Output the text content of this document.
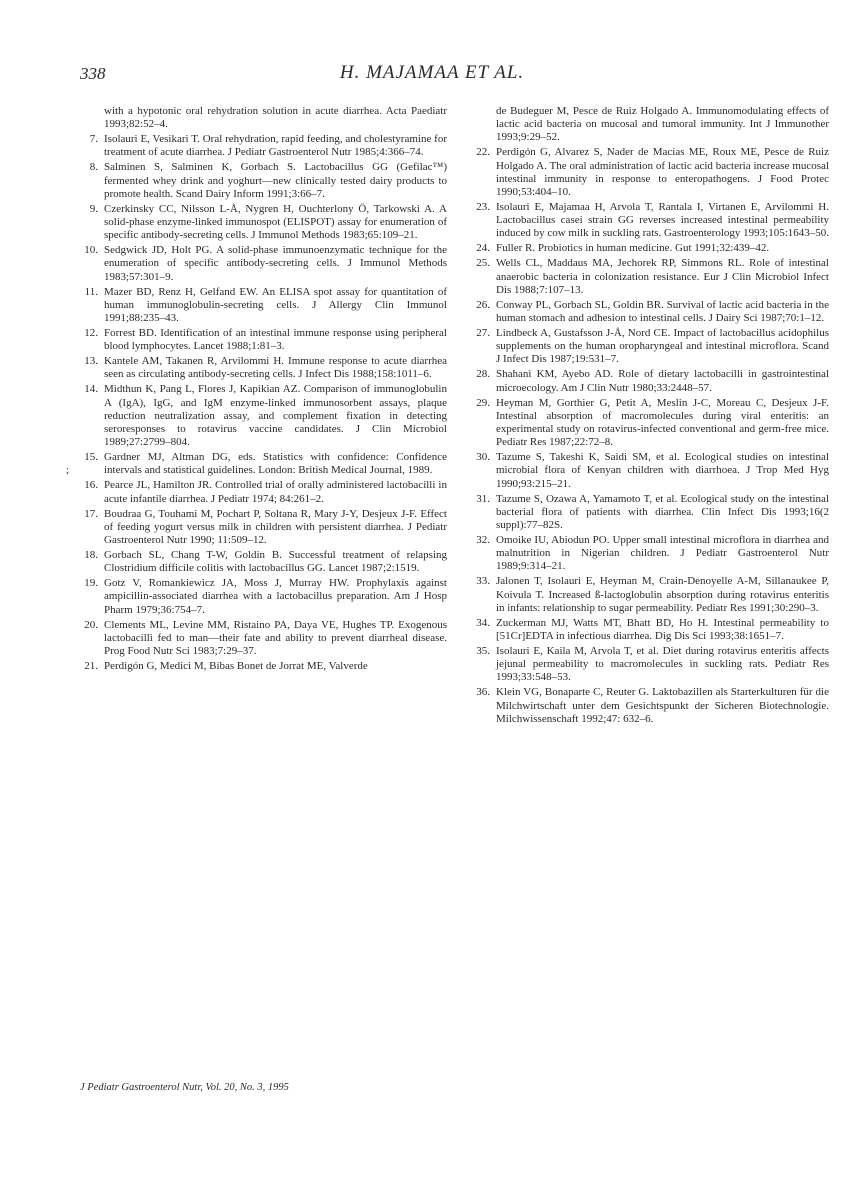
338	H. MAJAMAA ET AL.
with a hypotonic oral rehydration solution in acute diarrhea. Acta Paediatr 1993;82:52–4.
7. Isolauri E, Vesikari T. Oral rehydration, rapid feeding, and cholestyramine for treatment of acute diarrhea. J Pediatr Gastroenterol Nutr 1985;4:366–74.
8. Salminen S, Salminen K, Gorbach S. Lactobacillus GG (Gefilac™) fermented whey drink and yoghurt—new clinically tested dairy products to promote health. Scand Dairy Inform 1991;3:66–7.
9. Czerkinsky CC, Nilsson L-Å, Nygren H, Ouchterlony Ö, Tarkowski A. A solid-phase enzyme-linked immunospot (ELISPOT) assay for enumeration of specific antibody-secreting cells. J Immunol Methods 1983;65:109–21.
10. Sedgwick JD, Holt PG. A solid-phase immunoenzymatic technique for the enumeration of specific antibody-secreting cells. J Immunol Methods 1983;57:301–9.
11. Mazer BD, Renz H, Gelfand EW. An ELISA spot assay for quantitation of human immunoglobulin-secreting cells. J Allergy Clin Immunol 1991;88:235–43.
12. Forrest BD. Identification of an intestinal immune response using peripheral blood lymphocytes. Lancet 1988;1:81–3.
13. Kantele AM, Takanen R, Arvilommi H. Immune response to acute diarrhea seen as circulating antibody-secreting cells. J Infect Dis 1988;158:1011–6.
14. Midthun K, Pang L, Flores J, Kapikian AZ. Comparison of immunoglobulin A (IgA), IgG, and IgM enzyme-linked immunosorbent assays, plaque reduction neutralization assay, and complement fixation in detecting seroresponses to rotavirus vaccine candidates. J Clin Microbiol 1989;27:2799–804.
15. Gardner MJ, Altman DG, eds. Statistics with confidence: Confidence intervals and statistical guidelines. London: British Medical Journal, 1989.
;
16. Pearce JL, Hamilton JR. Controlled trial of orally administered lactobacilli in acute infantile diarrhea. J Pediatr 1974; 84:261–2.
17. Boudraa G, Touhami M, Pochart P, Soltana R, Mary J-Y, Desjeux J-F. Effect of feeding yogurt versus milk in children with persistent diarrhea. J Pediatr Gastroenterol Nutr 1990; 11:509–12.
18. Gorbach SL, Chang T-W, Goldin B. Successful treatment of relapsing Clostridium difficile colitis with lactobacillus GG. Lancet 1987;2:1519.
19. Gotz V, Romankiewicz JA, Moss J, Murray HW. Prophylaxis against ampicillin-associated diarrhea with a lactobacillus preparation. Am J Hosp Pharm 1979;36:754–7.
20. Clements ML, Levine MM, Ristaino PA, Daya VE, Hughes TP. Exogenous lactobacilli fed to man—their fate and ability to prevent diarrheal disease. Prog Food Nutr Sci 1983;7:29–37.
21. Perdigón G, Medici M, Bibas Bonet de Jorrat ME, Valverde
de Budeguer M, Pesce de Ruiz Holgado A. Immunomodulating effects of lactic acid bacteria on mucosal and tumoral immunity. Int J Immunother 1993;9:29–52.
22. Perdigón G, Alvarez S, Nader de Macías ME, Roux ME, Pesce de Ruiz Holgado A. The oral administration of lactic acid bacteria increase mucosal intestinal immunity in response to enteropathogens. J Food Protec 1990;53:404–10.
23. Isolauri E, Majamaa H, Arvola T, Rantala I, Virtanen E, Arvilommi H. Lactobacillus casei strain GG reverses increased intestinal permeability induced by cow milk in suckling rats. Gastroenterology 1993;105:1643–50.
24. Fuller R. Probiotics in human medicine. Gut 1991;32:439–42.
25. Wells CL, Maddaus MA, Jechorek RP, Simmons RL. Role of intestinal anaerobic bacteria in colonization resistance. Eur J Clin Microbiol Infect Dis 1988;7:107–13.
26. Conway PL, Gorbach SL, Goldin BR. Survival of lactic acid bacteria in the human stomach and adhesion to intestinal cells. J Dairy Sci 1987;70:1–12.
27. Lindbeck A, Gustafsson J-Å, Nord CE. Impact of lactobacillus acidophilus supplements on the human oropharyngeal and intestinal microflora. Scand J Infect Dis 1987;19:531–7.
28. Shahani KM, Ayebo AD. Role of dietary lactobacilli in gastrointestinal microecology. Am J Clin Nutr 1980;33:2448–57.
29. Heyman M, Gorthier G, Petit A, Meslin J-C, Moreau C, Desjeux J-F. Intestinal absorption of macromolecules during viral enteritis: an experimental study on rotavirus-infected conventional and germ-free mice. Pediatr Res 1987;22:72–8.
30. Tazume S, Takeshi K, Saidi SM, et al. Ecological studies on intestinal microbial flora of Kenyan children with diarrhoea. J Trop Med Hyg 1990;93:215–21.
31. Tazume S, Ozawa A, Yamamoto T, et al. Ecological study on the intestinal bacterial flora of patients with diarrhea. Clin Infect Dis 1993;16(2 suppl):77–82S.
32. Omoike IU, Abiodun PO. Upper small intestinal microflora in diarrhea and malnutrition in Nigerian children. J Pediatr Gastroenterol Nutr 1989;9:314–21.
33. Jalonen T, Isolauri E, Heyman M, Crain-Denoyelle A-M, Sillanaukee P, Koivula T. Increased ß-lactoglobulin absorption during rotavirus enteritis in infants: relationship to sugar permeability. Pediatr Res 1991;30:290–3.
34. Zuckerman MJ, Watts MT, Bhatt BD, Ho H. Intestinal permeability to [51Cr]EDTA in infectious diarrhea. Dig Dis Sci 1993;38:1651–7.
35. Isolauri E, Kaila M, Arvola T, et al. Diet during rotavirus enteritis affects jejunal permeability to macromolecules in suckling rats. Pediatr Res 1993;33:548–53.
36. Klein VG, Bonaparte C, Reuter G. Laktobazillen als Starterkulturen für die Milchwirtschaft unter dem Gesichtspunkt der Sicheren Biotechnologie. Milchwissenschaft 1992;47: 632–6.
J Pediatr Gastroenterol Nutr, Vol. 20, No. 3, 1995
